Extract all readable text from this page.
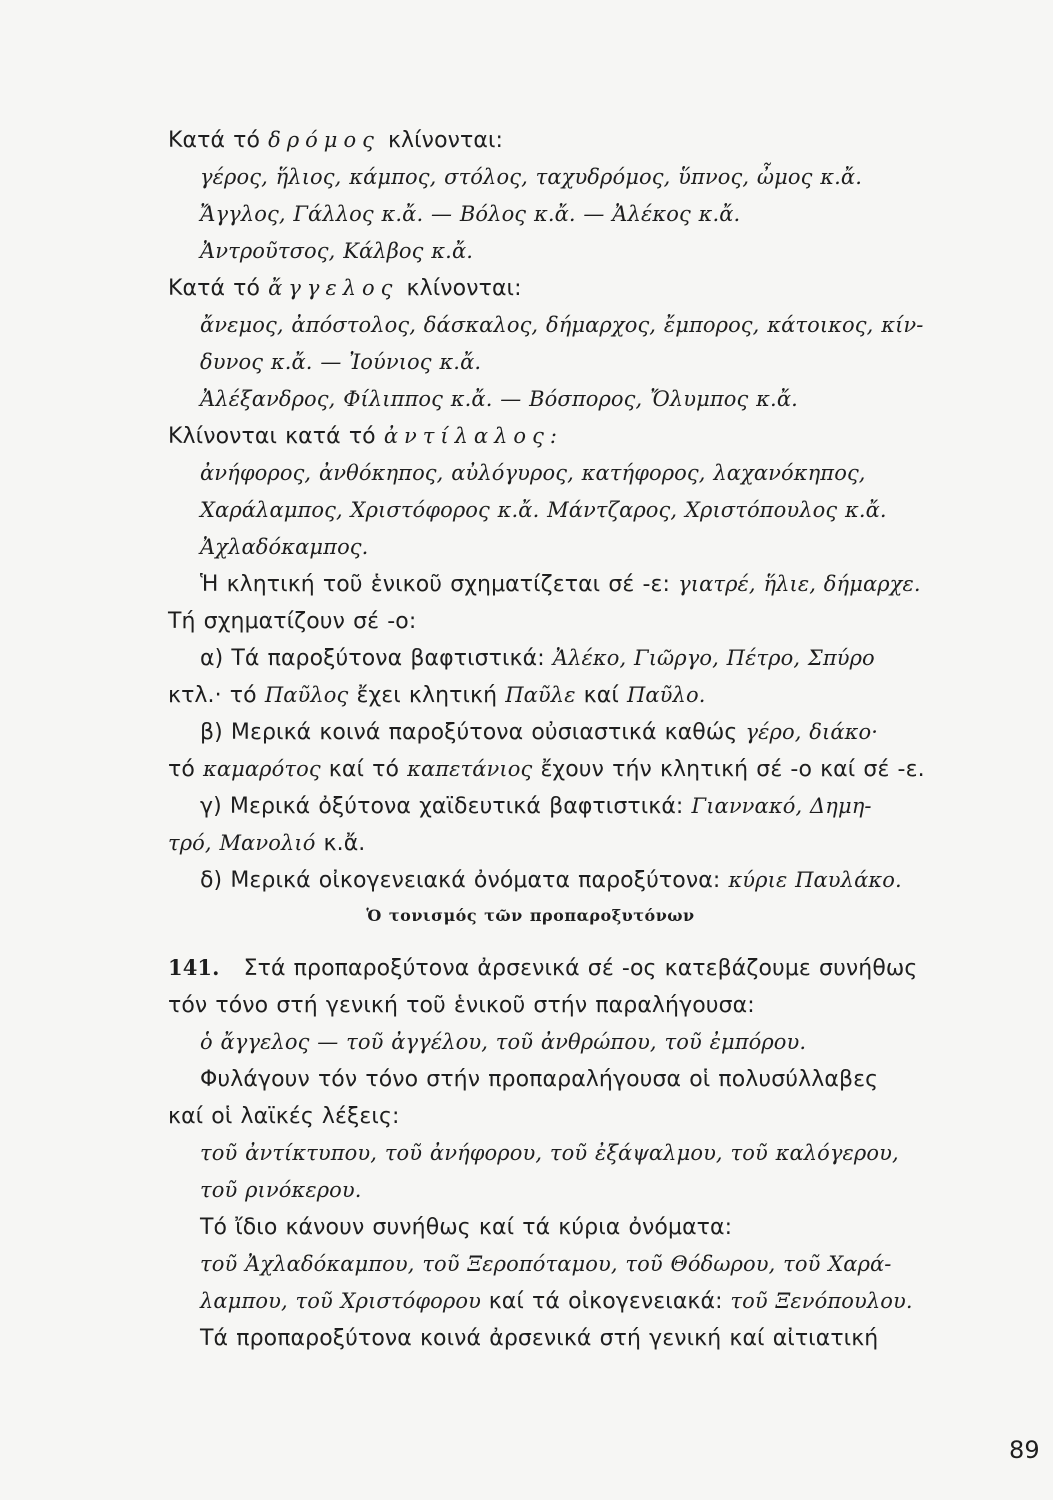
Κατά τό δρόμος κλίνονται:
γέρος, ἥλιος, κάμπος, στόλος, ταχυδρόμος, ὕπνος, ὦμος κ.ἄ.
Ἄγγλος, Γάλλος κ.ἄ. — Βόλος κ.ἄ. — Ἀλέκος κ.ἄ.
Ἀντροῦτσος, Κάλβος κ.ἄ.
Κατά τό ἄγγελος κλίνονται:
ἄνεμος, ἀπόστολος, δάσκαλος, δήμαρχος, ἔμπορος, κάτοικος, κίν-
δυνος κ.ἄ. — Ἰούνιος κ.ἄ.
Ἀλέξανδρος, Φίλιππος κ.ἄ. — Βόσπορος, Ὄλυμπος κ.ἄ.
Κλίνονται κατά τό ἀντίλαλος:
ἀνήφορος, ἀνθόκηπος, αὐλόγυρος, κατήφορος, λαχανόκηπος,
Χαράλαμπος, Χριστόφορος κ.ἄ. Μάντζαρος, Χριστόπουλος κ.ἄ.
Ἀχλαδόκαμπος.
Ἡ κλητική τοῦ ἑνικοῦ σχηματίζεται σέ -ε: γιατρέ, ἥλιε, δήμαρχε.
Τή σχηματίζουν σέ -ο:
α) Τά παροξύτονα βαφτιστικά: Ἀλέκο, Γιῶργο, Πέτρο, Σπύρο
κτλ.· τό Παῦλος ἔχει κλητική Παῦλε καί Παῦλο.
β) Μερικά κοινά παροξύτονα οὐσιαστικά καθώς γέρο, διάκο·
τό καμαρότος καί τό καπετάνιος ἔχουν τήν κλητική σέ -ο καί σέ -ε.
γ) Μερικά ὀξύτονα χαϊδευτικά βαφτιστικά: Γιαννακό, Δημη-
τρό, Μανολιό κ.ἄ.
δ) Μερικά οἰκογενειακά ὀνόματα παροξύτονα: κύριε Παυλάκο.
Ὁ τονισμός τῶν προπαροξυτόνων
141. Στά προπαροξύτονα ἀρσενικά σέ -ος κατεβάζουμε συνήθως
τόν τόνο στή γενική τοῦ ἑνικοῦ στήν παραλήγουσα:
ὁ ἄγγελος — τοῦ ἀγγέλου, τοῦ ἀνθρώπου, τοῦ ἐμπόρου.
Φυλάγουν τόν τόνο στήν προπαραλήγουσα οἱ πολυσύλλαβες
καί οἱ λαϊκές λέξεις:
τοῦ ἀντίκτυπου, τοῦ ἀνήφορου, τοῦ ἐξάψαλμου, τοῦ καλόγερου,
τοῦ ρινόκερου.
Τό ἴδιο κάνουν συνήθως καί τά κύρια ὀνόματα:
τοῦ Ἀχλαδόκαμπου, τοῦ Ξεροπόταμου, τοῦ Θόδωρου, τοῦ Χαρά-
λαμπου, τοῦ Χριστόφορου καί τά οἰκογενειακά: τοῦ Ξενόπουλου.
Τά προπαροξύτονα κοινά ἀρσενικά στή γενική καί αἰτιατική
89
